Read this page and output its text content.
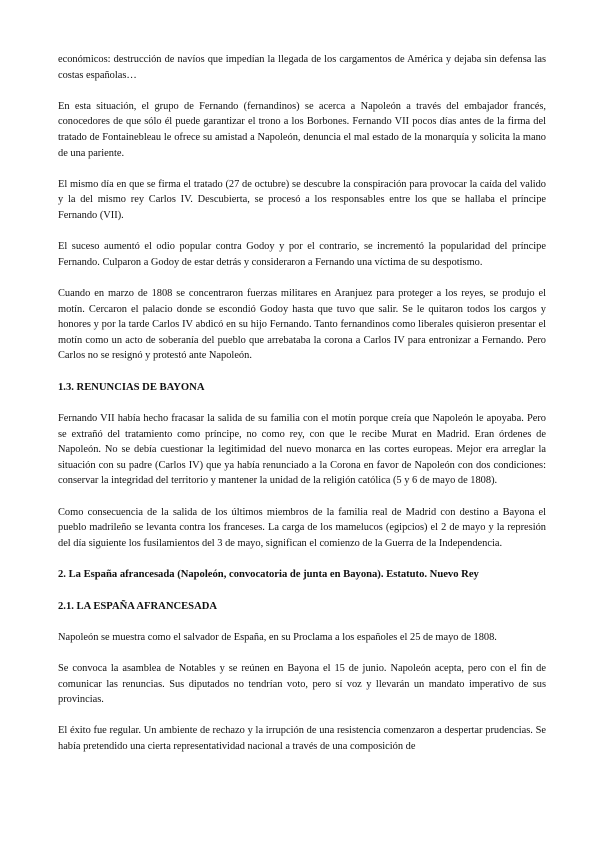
económicos: destrucción de navíos que impedían la llegada de los cargamentos de América y dejaba sin defensa las costas españolas…

En esta situación, el grupo de Fernando (fernandinos) se acerca a Napoleón a través del embajador francés, conocedores de que sólo él puede garantizar el trono a los Borbones. Fernando VII pocos días antes de la firma del tratado de Fontainebleau le ofrece su amistad a Napoleón, denuncia el mal estado de la monarquía y solicita la mano de una pariente.

El mismo día en que se firma el tratado (27 de octubre) se descubre la conspiración para provocar la caída del valido y la del mismo rey Carlos IV. Descubierta, se procesó a los responsables entre los que se hallaba el príncipe Fernando (VII).

El suceso aumentó el odio popular contra Godoy y por el contrario, se incrementó la popularidad del príncipe Fernando. Culparon a Godoy de estar detrás y consideraron a Fernando una víctima de su despotismo.

Cuando en marzo de 1808 se concentraron fuerzas militares en Aranjuez para proteger a los reyes, se produjo el motín. Cercaron el palacio donde se escondió Godoy hasta que tuvo que salir. Se le quitaron todos los cargos y honores y por la tarde Carlos IV abdicó en su hijo Fernando. Tanto fernandinos como liberales quisieron presentar el motín como un acto de soberanía del pueblo que arrebataba la corona a Carlos IV para entronizar a Fernando. Pero Carlos no se resignó y protestó ante Napoleón.

1.3. RENUNCIAS DE BAYONA

Fernando VII había hecho fracasar la salida de su familia con el motín porque creía que Napoleón le apoyaba. Pero se extrañó del tratamiento como príncipe, no como rey, con que le recibe Murat en Madrid. Eran órdenes de Napoleón. No se debía cuestionar la legitimidad del nuevo monarca en las cortes europeas. Mejor era arreglar la situación con su padre (Carlos IV) que ya había renunciado a la Corona en favor de Napoleón con dos condiciones: conservar la integridad del territorio y mantener la unidad de la religión católica (5 y 6 de mayo de 1808).

Como consecuencia de la salida de los últimos miembros de la familia real de Madrid con destino a Bayona el pueblo madrileño se levanta contra los franceses. La carga de los mamelucos (egipcios) el 2 de mayo y la represión del día siguiente los fusilamientos del 3 de mayo, significan el comienzo de la Guerra de la Independencia.

2. La España afrancesada (Napoleón, convocatoria de junta en Bayona). Estatuto. Nuevo Rey
2.1. LA ESPAÑA AFRANCESADA

Napoleón se muestra como el salvador de España, en su Proclama a los españoles el 25 de mayo de 1808.

Se convoca la asamblea de Notables y se reúnen en Bayona el 15 de junio. Napoleón acepta, pero con el fin de comunicar las renuncias. Sus diputados no tendrían voto, pero sí voz y llevarán un mandato imperativo de sus provincias.

El éxito fue regular. Un ambiente de rechazo y la irrupción de una resistencia comenzaron a despertar prudencias. Se había pretendido una cierta representatividad nacional a través de una composición de
